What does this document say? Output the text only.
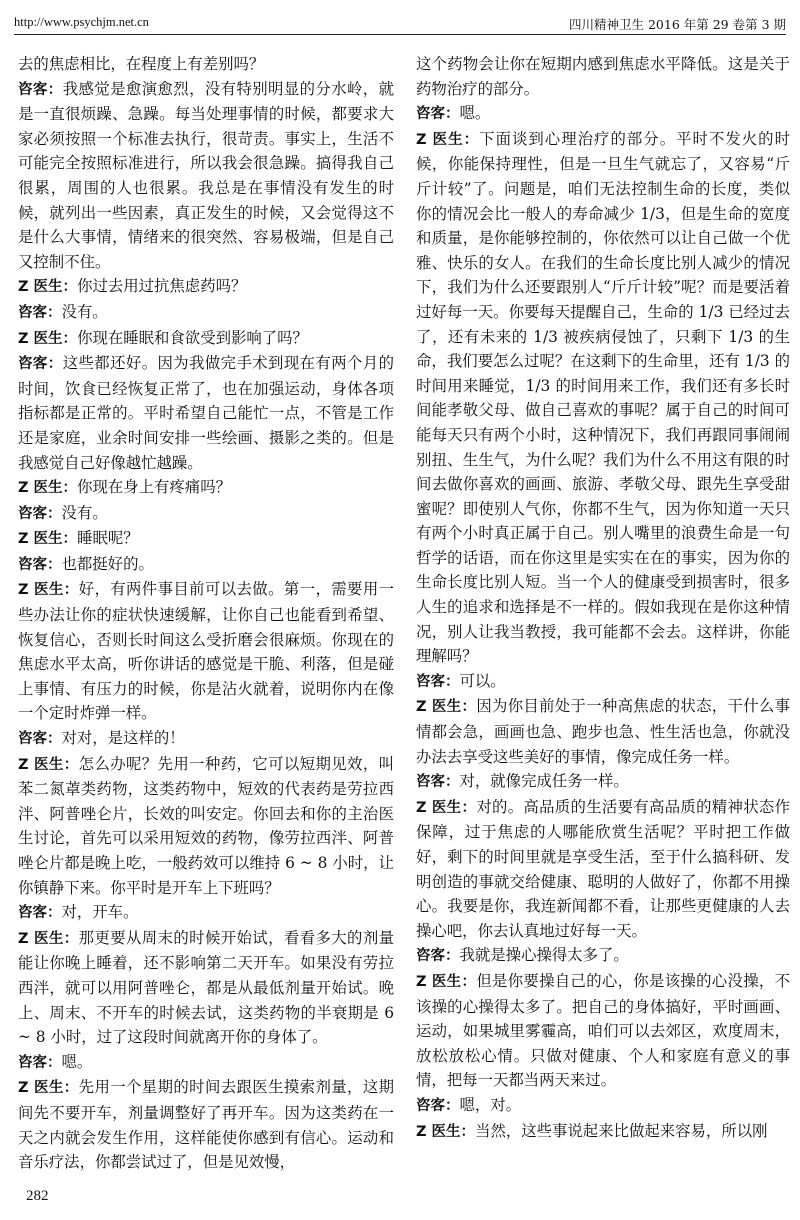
http://www.psychjm.net.cn	四川精神卫生 2016 年第 29 卷第 3 期

去的焦虑相比，在程度上有差别吗？

咨客：我感觉是愈演愈烈，没有特别明显的分水岭，就是一直很烦躁、急躁。每当处理事情的时候，都要求大家必须按照一个标准去执行，很苛责。事实上，生活不可能完全按照标准进行，所以我会很急躁。搞得我自己很累，周围的人也很累。我总是在事情没有发生的时候，就列出一些因素，真正发生的时候，又会觉得这不是什么大事情，情绪来的很突然、容易极端，但是自己又控制不住。

Z 医生：你过去用过抗焦虑药吗？

咨客：没有。

Z 医生：你现在睡眠和食欲受到影响了吗？

咨客：这些都还好。因为我做完手术到现在有两个月的时间，饮食已经恢复正常了，也在加强运动，身体各项指标都是正常的。平时希望自己能忙一点，不管是工作还是家庭，业余时间安排一些绘画、摄影之类的。但是我感觉自己好像越忙越躁。

Z 医生：你现在身上有疼痛吗？

咨客：没有。

Z 医生：睡眠呢？

咨客：也都挺好的。

Z 医生：好，有两件事目前可以去做。第一，需要用一些办法让你的症状快速缓解，让你自己也能看到希望、恢复信心，否则长时间这么受折磨会很麻烦。你现在的焦虑水平太高，听你讲话的感觉是干脆、利落，但是碰上事情、有压力的时候，你是沾火就着，说明你内在像一个定时炸弹一样。

咨客：对对，是这样的！

Z 医生：怎么办呢？先用一种药，它可以短期见效，叫苯二氮䓬类药物，这类药物中，短效的代表药是劳拉西泮、阿普唑仑片，长效的叫安定。你回去和你的主治医生讨论，首先可以采用短效的药物，像劳拉西泮、阿普唑仑片都是晚上吃，一般药效可以维持 6 ~ 8 小时，让你镇静下来。你平时是开车上下班吗？

咨客：对，开车。

Z 医生：那更要从周末的时候开始试，看看多大的剂量能让你晚上睡着，还不影响第二天开车。如果没有劳拉西泮，就可以用阿普唑仑，都是从最低剂量开始试。晚上、周末、不开车的时候去试，这类药物的半衰期是 6 ~ 8 小时，过了这段时间就离开你的身体了。

咨客：嗯。

Z 医生：先用一个星期的时间去跟医生摸索剂量，这期间先不要开车，剂量调整好了再开车。因为这类药在一天之内就会发生作用，这样能使你感到有信心。运动和音乐疗法，你都尝试过了，但是见效慢，

这个药物会让你在短期内感到焦虑水平降低。这是关于药物治疗的部分。

咨客：嗯。

Z 医生：下面谈到心理治疗的部分。平时不发火的时候，你能保持理性，但是一旦生气就忘了，又容易“斤斤计较”了。问题是，咱们无法控制生命的长度，类似你的情况会比一般人的寿命减少 1/3，但是生命的宽度和质量，是你能够控制的，你依然可以让自己做一个优雅、快乐的女人。在我们的生命长度比别人减少的情况下，我们为什么还要跟别人“斤斤计较”呢？而是要活着过好每一天。你要每天提醒自己，生命的 1/3 已经过去了，还有未来的 1/3 被疾病侵蚀了，只剩下 1/3 的生命，我们要怎么过呢？在这剩下的生命里，还有 1/3 的时间用来睡觉，1/3 的时间用来工作，我们还有多长时间能孝敬父母、做自己喜欢的事呢？属于自己的时间可能每天只有两个小时，这种情况下，我们再跟同事闹闹别扭、生生气，为什么呢？我们为什么不用这有限的时间去做你喜欢的画画、旅游、孝敬父母、跟先生享受甜蜜呢？即使别人气你，你都不生气，因为你知道一天只有两个小时真正属于自己。别人嘴里的浪费生命是一句哲学的话语，而在你这里是实实在在的事实，因为你的生命长度比别人短。当一个人的健康受到损害时，很多人生的追求和选择是不一样的。假如我现在是你这种情况，别人让我当教授，我可能都不会去。这样讲，你能理解吗？

咨客：可以。

Z 医生：因为你目前处于一种高焦虑的状态，干什么事情都会急，画画也急、跑步也急、性生活也急，你就没办法去享受这些美好的事情，像完成任务一样。

咨客：对，就像完成任务一样。

Z 医生：对的。高品质的生活要有高品质的精神状态作保障，过于焦虑的人哪能欣赏生活呢？平时把工作做好，剩下的时间里就是享受生活，至于什么搞科研、发明创造的事就交给健康、聪明的人做好了，你都不用操心。我要是你，我连新闻都不看，让那些更健康的人去操心吧，你去认真地过好每一天。

咨客：我就是操心操得太多了。

Z 医生：但是你要操自己的心，你是该操的心没操，不该操的心操得太多了。把自己的身体搞好，平时画画、运动，如果城里雾霾高，咱们可以去郊区，欢度周末，放松放松心情。只做对健康、个人和家庭有意义的事情，把每一天都当两天来过。

咨客：嗯，对。

Z 医生：当然，这些事说起来比做起来容易，所以刚

282
